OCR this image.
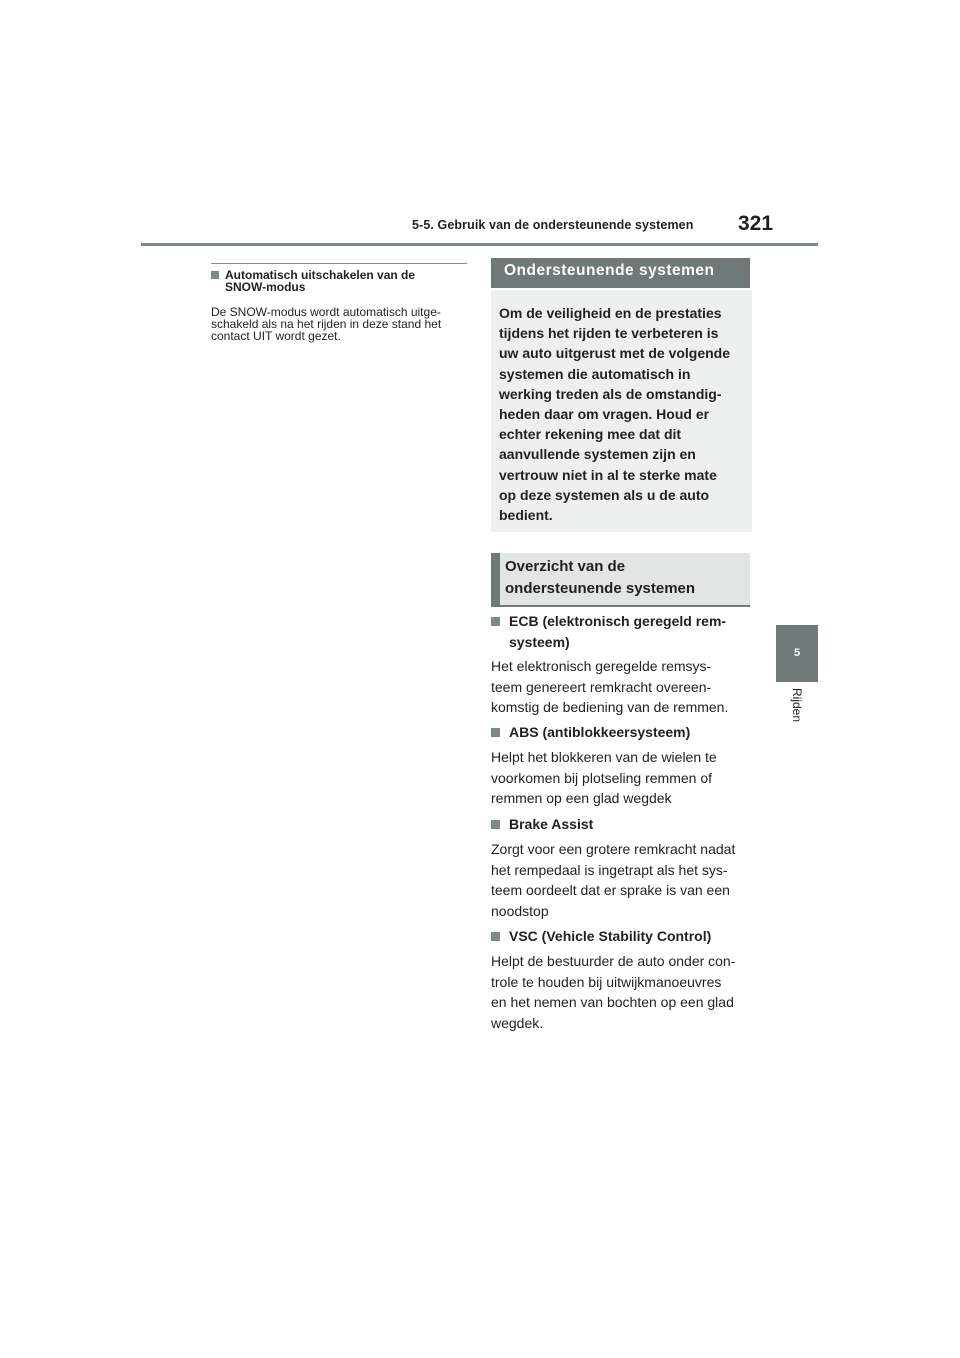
5-5. Gebruik van de ondersteunende systemen 321
5
Rijden
Automatisch uitschakelen van de
SNOW-modus
De SNOW-modus wordt automatisch uitge-
schakeld als na het rijden in deze stand het
contact UIT wordt gezet.
Ondersteunende systemen
Om de veiligheid en de prestaties
tijdens het rijden te verbeteren is
uw auto uitgerust met de volgende
systemen die automatisch in
werking treden als de omstandig-
heden daar om vragen. Houd er
echter rekening mee dat dit
aanvullende systemen zijn en
vertrouw niet in al te sterke mate
op deze systemen als u de auto
bedient.
Overzicht van de
ondersteunende systemen
ECB (elektronisch geregeld rem-
systeem)
Het elektronisch geregelde remsys-
teem genereert remkracht overeen-
komstig de bediening van de remmen.
ABS (antiblokkeersysteem)
Helpt het blokkeren van de wielen te
voorkomen bij plotseling remmen of
remmen op een glad wegdek
Brake Assist
Zorgt voor een grotere remkracht nadat
het rempedaal is ingetrapt als het sys-
teem oordeelt dat er sprake is van een
noodstop
VSC (Vehicle Stability Control)
Helpt de bestuurder de auto onder con-
trole te houden bij uitwijkmanoeuvres
en het nemen van bochten op een glad
wegdek.
